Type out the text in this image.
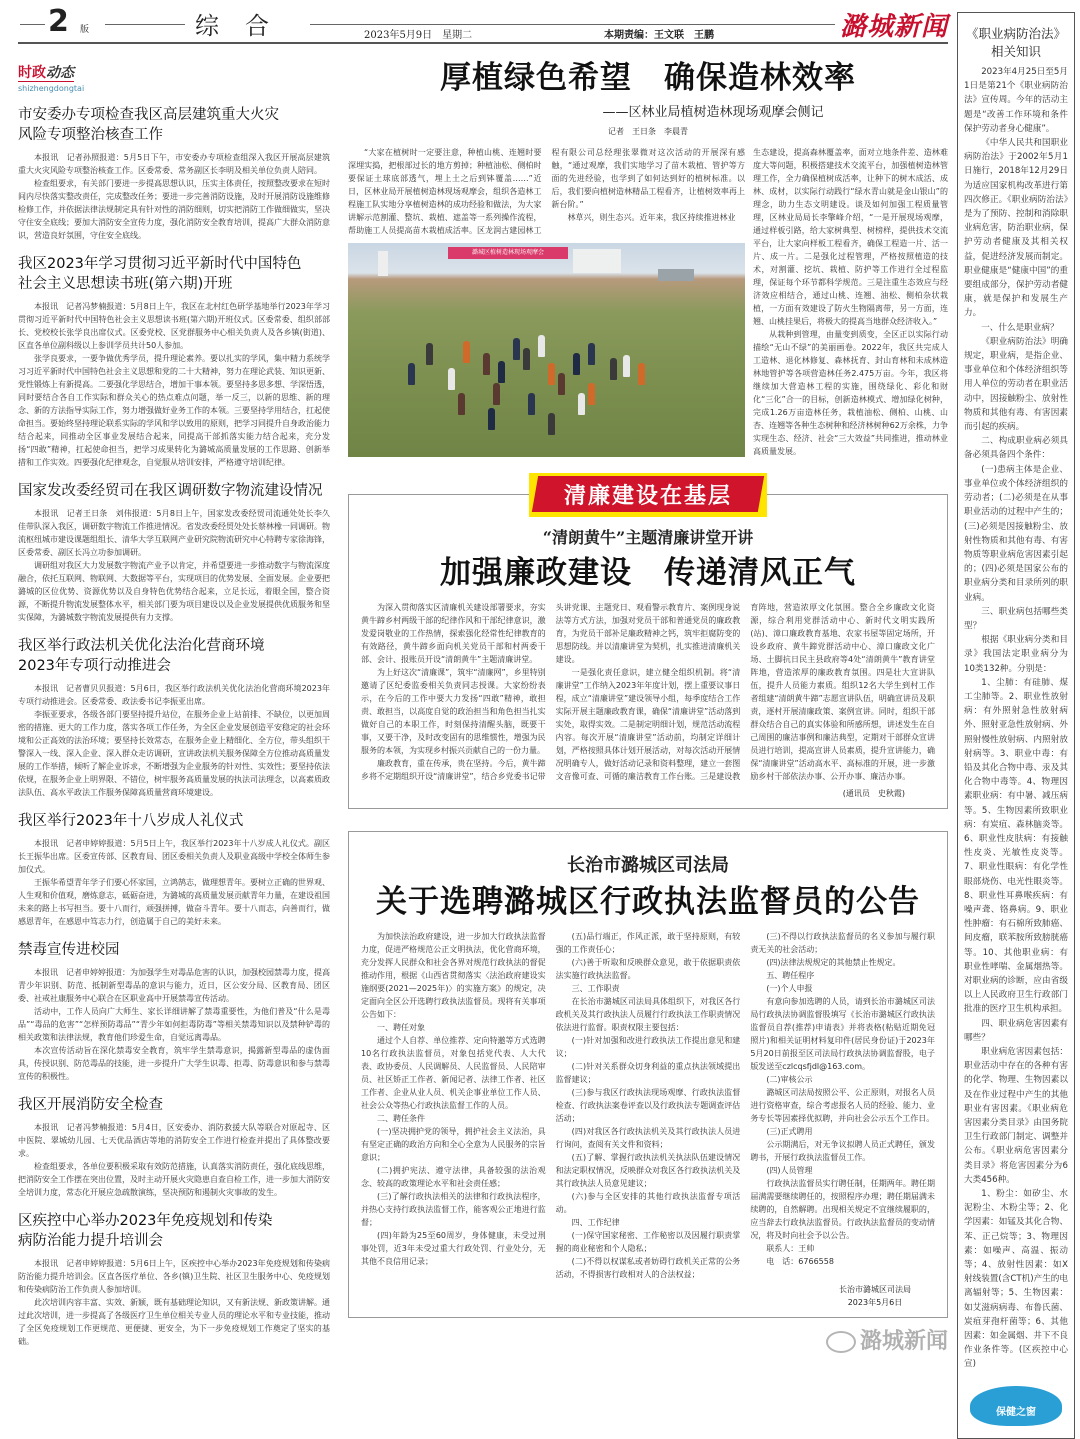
2 版	综合	2023年5月9日　星期二	本期责编：王文联　王鹏	潞城新闻
时政动态
shizhengdongtai
市安委办专项检查我区高层建筑重大火灾风险专项整治核查工作

本报讯　记者孙照报道：5月5日下午，市安委办专项检查组深入我区开展高层建筑重大火灾风险专项整治核查工作。区委常委、常务副区长李明及相关单位负责人陪同。

检查组要求，有关部门要进一步提高思想认识，压实主体责任，按照整改要求在短时间内尽快落实整改责任，完成整改任务；要进一步完善消防设施，及时开展消防设施维修检修工作，并依据法律法规制定具有针对性的消防细则，切实把消防工作做细做实，坚决守住安全底线；要加大消防安全宣传力度，强化消防安全教育培训，提高广大群众消防意识，营造良好氛围，守住安全底线。

我区2023年学习贯彻习近平新时代中国特色社会主义思想读书班(第六期)开班

本报讯　记者冯梦楠报道：5月8日上午，我区在北村红色研学基地举行2023年学习贯彻习近平新时代中国特色社会主义思想读书班(第六期)开班仪式。区委常委、组织部部长、党校校长张学良出席仪式。区委党校、区党群服务中心相关负责人及各乡镇(街道)、区直各单位副科级以上参训学员共计50人参加。

张学良要求，一要争做优秀学员，提升理论素养。要以扎实的学风，集中精力系统学习习近平新时代中国特色社会主义思想和党的二十大精神，努力在理论武装、知识更新、党性锻炼上有新提高。二要强化学思结合，增加干事本领。要坚持多思多想、学深悟透，同时要结合各自工作实际和群众关心的热点难点问题，举一反三，以新的思维、新的理念、新的方法指导实际工作，努力增强做好业务工作的本领。三要坚持学用结合，扛起使命担当。要始终坚持理论联系实际的学风和学以致用的原则，把学习同提升自身政治能力结合起来，同推动全区事业发展结合起来，同提高干部抓落实能力结合起来，充分发扬“四敢”精神，扛起使命担当，把学习成果转化为潞城高质量发展的工作思路、创新举措和工作实效。四要强化纪律观念，自觉服从培训安排，严格遵守培训纪律。

国家发改委经贸司在我区调研数字物流建设情况

本报讯　记者王日条　刘伟报道：5月8日上午，国家发改委经贸司流通处处长李久佳带队深入我区，调研数字物流工作推进情况。省发改委经贸处处长蔡林橡一同调研。物流枢纽城市建设课题组组长、清华大学互联网产业研究院物流研究中心特聘专家徐海锋，区委常委、副区长冯立功参加调研。

调研组对我区大力发展数字物流产业予以肯定，并希望要进一步推动数字与物流深度融合，依托互联网、物联网、大数据等平台，实现项目的优势发展、全面发展。企业要把潞城的区位优势、资源优势以及自身特色优势结合起来，立足长远，着眼全国，整合资源，不断提升物流发展整体水平，相关部门要为项目建设以及企业发展提供优质服务和坚实保障，为潞城数字物流发展提供有力支撑。

我区举行政法机关优化法治化营商环境2023年专项行动推进会

本报讯　记者曹贝贝报道：5月6日，我区举行政法机关优化法治化营商环境2023年专项行动推进会。区委常委、政法委书记李振亚出席。

李振亚要求，各级各部门要坚持提升站位，在服务企业上站前排、不缺位，以更加周密的措施、更大的工作力度，落实各项工作任务，为全区企业发展创造平安稳定的社会环境和公正高效的法治环境；要坚持长效常态，在服务企业上精细化、全方位，带头组织干警深入一线、深入企业、深入群众走访调研，宣讲政法机关服务保障全方位推动高质量发展的工作举措，倾听了解企业诉求，不断增强为企业服务的针对性、实效性；要坚持依法依规，在服务企业上明界限、不错位，树牢服务高质量发展的执法司法理念，以高素质政法队伍、高水平政法工作服务保障高质量营商环境建设。

我区举行2023年十八岁成人礼仪式

本报讯　记者申婷婷报道：5月5日上午，我区举行2023年十八岁成人礼仪式。副区长王振华出席。区委宣传部、区教育局、团区委相关负责人及职业高级中学校全体师生参加仪式。

王振华希望青年学子们要心怀家国，立鸿鹄志，做理想青年。要树立正确的世界观、人生观和价值观，磨炼意志，砥砺奋进，为潞城的高质量发展贡献青年力量，在建设祖国未来的路上书写担当。要十八而行，顽强拼搏，做奋斗青年。要十八而志，向善而行，做感恩青年，在感恩中笃志力行，创造属于自己的美好未来。

禁毒宣传进校园

本报讯　记者申婷婷报道：为加强学生对毒品危害的认识，加强校园禁毒力度，提高青少年识别、防范、抵制新型毒品的意识与能力，近日，区公安分局、区教育局、团区委、社戒社康服务中心联合在区职业高中开展禁毒宣传活动。

活动中，工作人员向广大师生、家长详细讲解了禁毒重要性，为他们普及“什么是毒品”“毒品的危害”“怎样预防毒品”“青少年如何拒毒防毒”等相关禁毒知识以及禁种铲毒的相关政策和法律法规，教育他们珍爱生命，自觉远离毒品。

本次宣传活动旨在深化禁毒安全教育，筑牢学生禁毒意识，揭露新型毒品的虚伪面具，传授识别、防范毒品的技能，进一步提升广大学生识毒、拒毒、防毒意识和参与禁毒宣传的积极性。

我区开展消防安全检查

本报讯　记者冯梦楠报道：5月4日，区安委办、消防救援大队等联合对原起寺、区中医院、翠城幼儿园、七天优品酒店等地的消防安全工作进行检查并提出了具体整改要求。

检查组要求，各单位要积极采取有效防范措施，认真落实消防责任，强化底线思维，把消防安全工作摆在突出位置，及时主动开展火灾隐患自查自检工作，进一步加大消防安全培训力度，常态化开展应急疏散演练，坚决预防和遏制火灾事故的发生。

区疾控中心举办2023年免疫规划和传染病防治能力提升培训会

本报讯　记者申婷婷报道：5月6日上午，区疾控中心举办2023年免疫规划和传染病防治能力提升培训会。区直各医疗单位、各乡(镇)卫生院、社区卫生服务中心、免疫规划和传染病防治工作负责人参加培训。

此次培训内容丰富、实效、新颖，既有基础理论知识，又有新法规、新政策讲解。通过此次培训，进一步提高了各级医疗卫生单位相关专业人员的理论水平和专业技能，推动了全区免疫规划工作更规范、更便捷、更安全，为下一步免疫规划工作奠定了坚实的基础。

厚植绿色希望　确保造林效率
——区林业局植树造林现场观摩会侧记
记者　王日条　李晨青

“大家在植树时一定要注意，种植山桃、连翘时要深埋实捣，把根部过长的地方剪掉；种植油松、侧柏时要保证土球底部透气，埋上土之后到钵覆盖……”近日，区林业局开展植树造林现场观摩会，组织各造林工程施工队实地分享植树造林的成功经验和做法，为大家讲解示范割灌、整坑、栽植、遮盖等一系列操作流程，帮助施工人员提高苗木栽植成活率。区龙润古建园林工程有限公司总经理张翠微对这次活动的开展深有感触，“通过观摩，我们实地学习了苗木栽植、管护等方面的先进经验，也学到了如何达到好的植树标准。以后，我们要向植树造林精品工程看齐，让植树效率再上新台阶。”

林草兴，则生态兴。近年来，我区持续推进林业

潞城区植树造林现场观摩会

生态建设，提高森林覆盖率，面对立地条件差、造林难度大等问题，积极搭建技术交流平台，加强植树造林管理工作，全力确保植树成活率，让种下的树木成活、成林、成材，以实际行动践行“绿水青山就是金山银山”的理念，助力生态文明建设。谈及如何加强工程质量管理，区林业局局长李擎峰介绍，“一是开展现场观摩，通过样板引路，给大家树典型、树榜样，提供技术交流平台，让大家向样板工程看齐，确保工程造一片、活一片、成一片。二是强化过程管理，严格按照植造的技术，对割灌、挖坑、栽植、防护等工作进行全过程监理，保证每个环节都科学规范。三是注重生态效应与经济效应相结合，通过山桃、连翘、油松、侧柏杂状栽植，一方面有效建设了防火生物隔离带，另一方面，连翘、山桃挂果后，将极大的提高当地群众经济收入。”

从栽种到管理，由量变到质变，全区正以实际行动描绘“无山不绿”的美丽画卷。2022年，我区共完成人工造林、退化林修复、森林抚育、封山育林和未成林造林地管护等各项营造林任务2.475万亩。今年，我区将继续加大营造林工程的实施，围绕绿化、彩化和财化“三化”合一的目标，创新造林模式、增加绿化树种，完成1.26万亩造林任务，栽植油松、侧柏、山桃、山杏、连翘等各种生态树种和经济林树种62万余株，力争实现生态、经济、社会“三大效益”共同推进，推动林业高质量发展。

清廉建设在基层
“清朗黄牛”主题清廉讲堂开讲
加强廉政建设　传递清风正气

为深入贯彻落实区清廉机关建设部署要求，夯实黄牛蹄乡村两级干部的纪律作风和干部纪律意识，激发爱岗敬业的工作热情，探索强化经常性纪律教育的有效路径，黄牛蹄乡面向机关党员干部和村两委干部、会计、报账员开设“清朗黄牛”主题清廉讲堂。

为上好这次“清廉课”，筑牢“清廉网”，乡里特别邀请了区纪委监委相关负责同志授课。大家纷纷表示，在今后的工作中要大力发扬“四敢”精神，敢担责、敢担当，以高度自觉的政治担当和角色担当扎实做好自己的本职工作，时刻保持清醒头脑，既要干事，又要干净，及时改变固有的思维惯性，增强为民服务的本领，为实现乡村振兴贡献自己的一份力量。

廉政教育，重在传承，贵在坚持。今后，黄牛蹄乡将不定期组织开设“清廉讲堂”，结合乡党委书记带头讲党课、主题党日、观看警示教育片、案例现身说法等方式方法，加强对党员干部和普通党员的廉政教育，为党员干部补足廉政精神之钙，筑牢拒腐防变的思想防线。并以清廉讲堂为契机，扎实推进清廉机关建设。

一是强化责任意识，建立健全组织机制。将“清廉讲堂”工作纳入2023年年度计划，摆上重要议事日程，成立“清廉讲堂”建设领导小组，每季度结合工作实际开展主题廉政教育课，确保“清廉讲堂”活动落到实处，取得实效。二是制定明细计划，规范活动流程内容。每次开展“清廉讲堂”活动前，均制定详细计划，严格按照具体计划开展活动，对每次活动开展情况明确专人，做好活动记录和资料整理，建立一套图文音像可查、可循的廉洁教育工作台账。三是建设教育阵地，营造浓厚文化氛围。整合全乡廉政文化资源，综合利用党群活动中心、新时代文明实践所(站)、漳口廉政教育基地、农家书屋等固定场所，开设乡政府、黄牛蹄党群活动中心、漳口廉政文化广场、土脚抗日民主县政府等4处“清朗黄牛”教育讲堂阵地，营造浓厚的廉政教育氛围。四是壮大宣讲队伍，提升人员能力素质。组织12名大学生到村工作者组建“清朗黄牛蹄”志愿宣讲队伍，明确宣讲员及职责，逐村开展清廉政策、案例宣讲。同时，组织干部群众结合自己的真实体验和所感所想，讲述发生在自己周围的廉洁事例和廉洁典型，定期对干部群众宣讲员进行培训，提高宣讲人员素质，提升宣讲能力，确保“清廉讲堂”活动高水平、高标准的开展，进一步激励乡村干部依法办事、公开办事、廉洁办事。

(通讯员　史秋霞)
长治市潞城区司法局
关于选聘潞城区行政执法监督员的公告

为加快法治政府建设，进一步加大行政执法监督力度，促进严格规范公正文明执法，优化营商环境，充分发挥人民群众和社会各界对规范行政执法的督促推动作用，根据《山西省贯彻落实〈法治政府建设实施纲要(2021—2025年)〉的实施方案》的规定，决定面向全区公开选聘行政执法监督员。现将有关事项公告如下：

一、聘任对象

通过个人自荐、单位推荐、定向特邀等方式选聘10名行政执法监督员，对象包括党代表、人大代表、政协委员、人民调解员、人民监督员、人民陪审员、社区矫正工作者、新闻记者、法律工作者、社区工作者、企业从业人员、机关企事业单位工作人员、社会公众等热心行政执法监督工作的人员。

二、聘任条件

(一)坚决拥护党的领导，拥护社会主义法治，具有坚定正确的政治方向和全心全意为人民服务的宗旨意识；

(二)拥护宪法、遵守法律，具备较强的法治观念、较高的政策理论水平和社会责任感；

(三)了解行政执法相关的法律和行政执法程序，并热心支持行政执法监督工作，能客观公正地进行监督；

(四)年龄为25至60周岁，身体健康，未受过刑事处罚，近3年未受过重大行政处罚、行业处分，无其他不良信用记录；

(五)品行端正，作风正派，敢于坚持原则，有较强的工作责任心；

(六)善于听取和反映群众意见，敢于依据职责依法实施行政执法监督。

三、工作职责

在长治市潞城区司法局具体组织下，对我区各行政机关及其行政执法人员履行行政执法工作职责情况依法进行监督。职责权限主要包括：

(一)针对加强和改进行政执法工作提出意见和建议；

(二)针对关系群众切身利益的重点执法领域提出监督建议；

(三)参与我区行政执法现场观摩、行政执法监督检查、行政执法案卷评查以及行政执法专题调查评估活动；

(四)对我区各行政执法机关及其行政执法人员进行询问，查阅有关文件和资料；

(五)了解、掌握行政执法机关执法队伍建设情况和法定职权情况，反映群众对我区各行政执法机关及其行政执法人员意见建议；

(六)参与全区安排的其他行政执法监督专项活动。

四、工作纪律

(一)保守国家秘密、工作秘密以及因履行职责掌握的商业秘密和个人隐私；

(二)不得以权谋私或者妨碍行政机关正常的公务活动，不得损害行政相对人的合法权益；

(三)不得以行政执法监督员的名义参加与履行职责无关的社会活动；

(四)法律法规规定的其他禁止性规定。

五、聘任程序

(一)个人申报

有意向参加选聘的人员，请到长治市潞城区司法局行政执法协调监督股填写《长治市潞城区行政执法监督员自荐(推荐)申请表》并将表格(粘贴近期免冠照片)和相关证明材料复印件(居民身份证)于2023年5月20日前报至区司法局行政执法协调监督股，电子版发送至czlcqsfjdl@163.com。

(二)审核公示

潞城区司法局按照公平、公正原则，对报名人员进行资格审查，综合考虑报名人员的经验、能力、业务专长等因素择优拟聘，并向社会公示五个工作日。

(三)正式聘用

公示期满后，对无争议拟聘人员正式聘任，颁发聘书，开展行政执法监督员工作。

(四)人员管理

行政执法监督员实行聘任制，任期两年。聘任期届满需要继续聘任的，按照程序办理；聘任期届满未续聘的，自然解聘。出现相关规定不宜继续履职的，应当辞去行政执法监督员。行政执法监督员的变动情况，将及时向社会予以公告。

联系人：王帅

电　话：6766558

长治市潞城区司法局
2023年5月6日
潞城新闻
《职业病防治法》
相关知识

2023年4月25日至5月1日是第21个《职业病防治法》宣传周。今年的活动主题是“改善工作环境和条件 保护劳动者身心健康”。

《中华人民共和国职业病防治法》于2002年5月1日施行，2018年12月29日为适应国家机构改革进行第四次修正。《职业病防治法》是为了预防、控制和消除职业病危害，防治职业病，保护劳动者健康及其相关权益，促进经济发展而制定。职业健康是“健康中国”的重要组成部分，保护劳动者健康，就是保护和发展生产力。

一、什么是职业病？

《职业病防治法》明确规定，职业病，是指企业、事业单位和个体经济组织等用人单位的劳动者在职业活动中，因接触粉尘、放射性物质和其他有毒、有害因素而引起的疾病。

二、构成职业病必须具备必须具备四个条件：

(一)患病主体是企业、事业单位或个体经济组织的劳动者；(二)必须是在从事职业活动的过程中产生的；(三)必须是因接触粉尘、放射性物质和其他有毒、有害物质等职业病危害因素引起的；(四)必须是国家公布的职业病分类和目录所列的职业病。

三、职业病包括哪些类型？

根据《职业病分类和目录》我国法定职业病分为10类132种。分别是：

1、尘肺：有硅肺、煤工尘肺等。2、职业性放射病：有外照射急性放射病外、照射亚急性放射病、外照射慢性放射病、内照射放射病等。3、职业中毒：有铅及其化合物中毒、汞及其化合物中毒等。4、物理因素职业病：有中暑、减压病等。5、生物因素所致职业病：有炭疽、森林脑炎等。6、职业性皮肤病：有接触性皮炎、光敏性皮炎等。7、职业性眼病：有化学性眼部烧伤、电光性眼炎等。8、职业性耳鼻喉疾病：有噪声聋、铬鼻病。9、职业性肿瘤：有石棉所致肺癌、间皮瘤，联苯胺所致膀胱癌等。10、其他职业病：有职业性哮喘、金属烟热等。对职业病的诊断，应由省级以上人民政府卫生行政部门批准的医疗卫生机构承担。

四、职业病危害因素有哪些？

职业病危害因素包括：职业活动中存在的各种有害的化学、物理、生物因素以及在作业过程中产生的其他职业有害因素。《职业病危害因素分类目录》由国务院卫生行政部门制定、调整并公布。《职业病危害因素分类目录》将危害因素分为6大类456种。

1、粉尘：如矽尘、水泥粉尘、木粉尘等；2、化学因素：如锰及其化合物、苯、正己烷等；3、物理因素：如噪声、高温、振动等；4、放射性因素：如X射线装置(含CT机)产生的电离辐射等；5、生物因素：如艾滋病病毒、布鲁氏菌、炭疽芽孢杆菌等；6、其他因素：如金属烟、井下不良作业条件等。(区疾控中心　宣)

保健之窗
